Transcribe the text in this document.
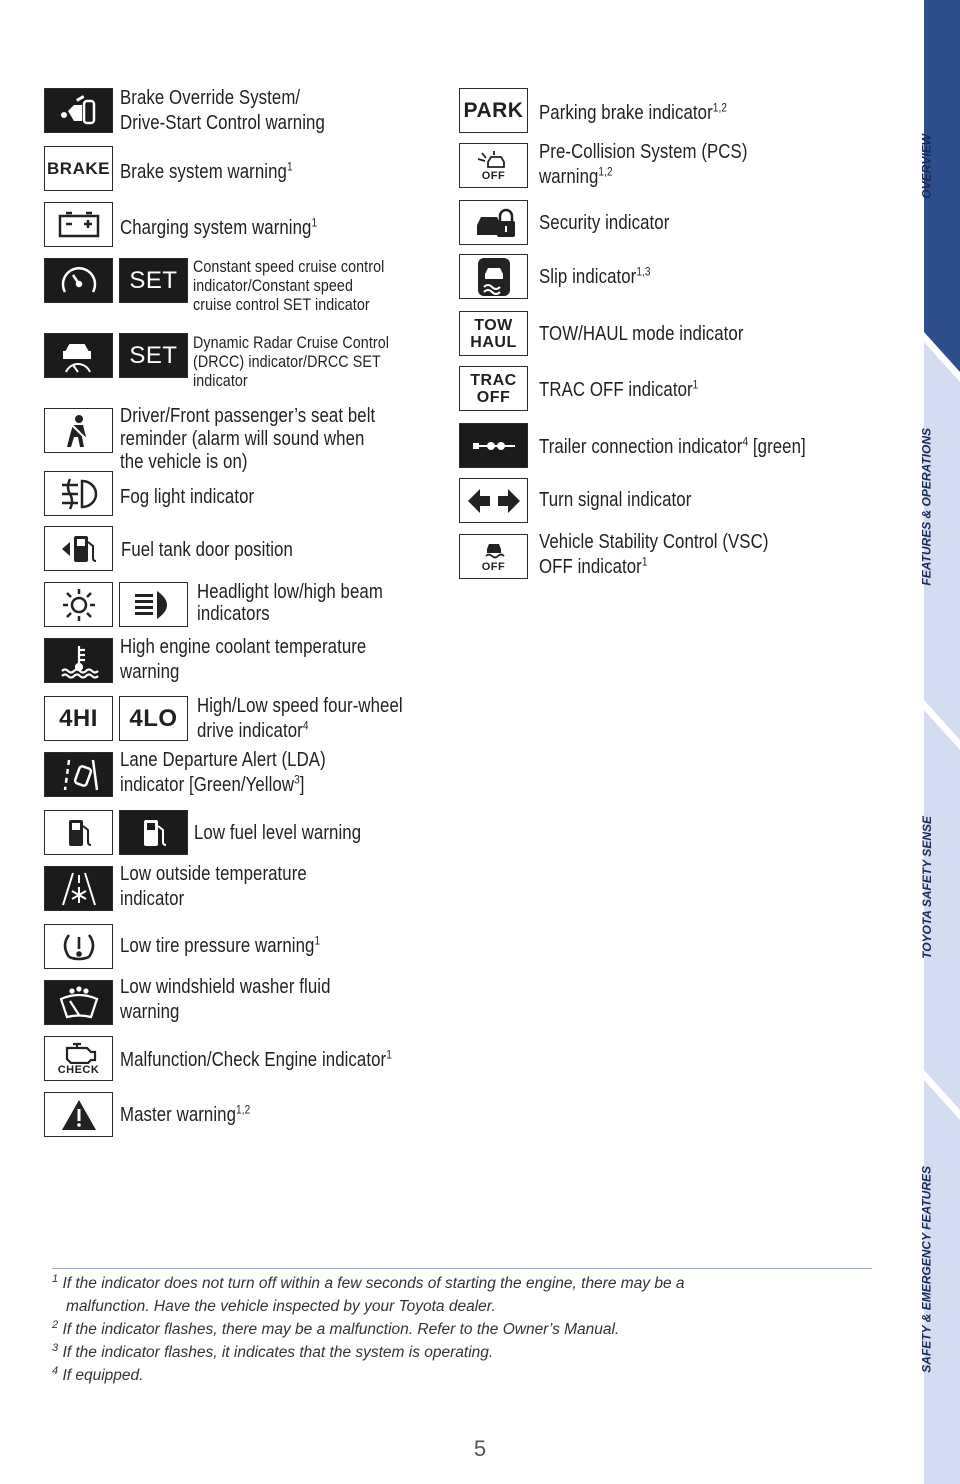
Brake Override System/
Drive-Start Control warning
BRAKE Brake system warning$^1$
Charging system warning$^1$
SET Constant speed cruise control
indicator/Constant speed
cruise control SET indicator
SET Dynamic Radar Cruise Control
(DRCC) indicator/DRCC SET
indicator
Driver/Front passenger’s seat belt
reminder (alarm will sound when
the vehicle is on)
Fog light indicator
Fuel tank door position
Headlight low/high beam
indicators
High engine coolant temperature
warning
4HI 4LO High/Low speed four-wheel
drive indicator$^4$
Lane Departure Alert (LDA)
indicator [Green/Yellow$^3$]
Low fuel level warning
Low outside temperature
indicator
Low tire pressure warning$^1$
Low windshield washer fluid
warning
CHECK Malfunction/Check Engine indicator$^1$
Master warning$^{1,2}$
PARK Parking brake indicator$^{1,2}$
OFF
Pre-Collision System (PCS)
warning$^{1,2}$
Security indicator
Slip indicator$^{1,3}$
TOW
HAUL TOW/HAUL mode indicator
TRAC
OFF TRAC OFF indicator$^1$
Trailer connection indicator$^4$ [green]
Turn signal indicator
OFF
Vehicle Stability Control (VSC)
OFF indicator$^1$
$^1$ If the indicator does not turn off within a few seconds of starting the engine, there may be a
malfunction. Have the vehicle inspected by your Toyota dealer.
$^2$ If the indicator flashes, there may be a malfunction. Refer to the Owner’s Manual.
$^3$ If the indicator flashes, it indicates that the system is operating.
$^4$ If equipped.
5
OVERVIEW
FEATURES & OPERATIONS
TOYOTA SAFETY SENSE
SAFETY & EMERGENCY FEATURES
